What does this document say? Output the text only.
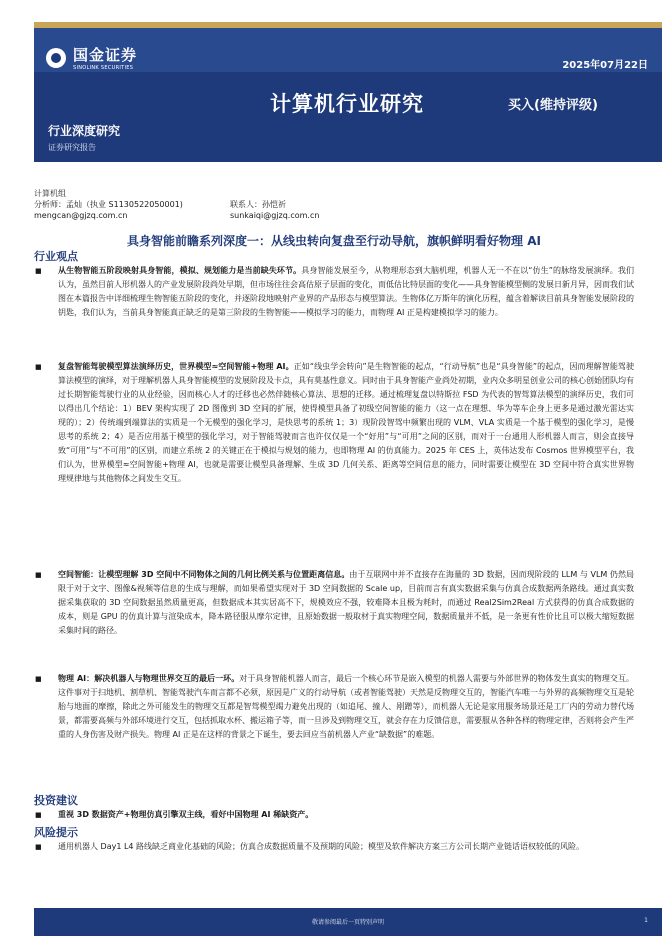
国金证券
SINOLINK SECURITIES	2025年07月22日
计算机行业研究	买入(维持评级)
行业深度研究
证券研究报告
计算机组
分析师：孟灿（执业 S1130522050001)	联系人：孙恺祈
mengcan@gjzq.com.cn	sunkaiqi@gjzq.com.cn
具身智能前瞻系列深度一：从线虫转向复盘至行动导航，旗帜鲜明看好物理 AI
行业观点
■	从生物智能五阶段映射具身智能，模拟、规划能力是当前缺失环节。具身智能发展至今，从物理形态到大脑机理，机器人无一不在以“仿生”的脉络发展演绎。我们认为，虽然目前人形机器人的产业发展阶段尚处早期，但市场往往会高估原子层面的变化，而低估比特层面的变化——具身智能模型侧的发展日新月异，因而我们试图在本篇报告中详细梳理生物智能五阶段的变化，并逐阶段地映射产业界的产品形态与模型算法。生物体亿万斯年的演化历程，蕴含着解读目前具身智能发展阶段的钥匙，我们认为，当前具身智能真正缺乏的是第三阶段的生物智能——模拟学习的能力，而物理 AI 正是构建模拟学习的能力。
■	复盘智能驾驶模型算法演绎历史，世界模型≈空间智能+物理 AI。正如“线虫学会转向”是生物智能的起点，“行动导航”也是“具身智能”的起点，因而理解智能驾驶算法模型的演绎，对于理解机器人具身智能模型的发展阶段及卡点，具有莫基性意义。同时由于具身智能产业尚处初期，业内众多明星创业公司的核心创始团队均有过长期智能驾驶行业的从业经验，因而核心人才的迁移也必然伴随核心算法、思想的迁移。通过梳理复盘以特斯拉 FSD 为代表的智驾算法模型的演绎历史，我们可以得出几个结论：1）BEV 架构实现了 2D 图像到 3D 空间的扩展，使得模型具备了初级空间智能的能力（这一点在理想、华为等车企身上更多是通过激光雷达实现的）；2）传统端到端算法的实质是一个无模型的强化学习，是快思考的系统 1；3）现阶段智驾中频繁出现的 VLM、VLA 实质是一个基于模型的强化学习，是慢思考的系统 2；4）是否应用基于模型的强化学习，对于智能驾驶而言也许仅仅是一个“好用”与“可用”之间的区别，而对于一台通用人形机器人而言，则会直接导致“可用”与“不可用”的区别，而建立系统 2 的关键正在于模拟与规划的能力，也即物理 AI 的仿真能力。2025 年 CES 上，英伟达发布 Cosmos 世界模型平台，我们认为，世界模型≈空间智能+物理 AI，也就是需要让模型具备理解、生成 3D 几何关系、距离等空间信息的能力，同时需要让模型在 3D 空间中符合真实世界物理规律地与其他物体之间发生交互。
■	空间智能：让模型理解 3D 空间中不同物体之间的几何比例关系与位置距离信息。由于互联网中并不直接存在海量的 3D 数据，因而现阶段的 LLM 与 VLM 仍然局限于对于文字、图像&视频等信息的生成与理解，而如果希望实现对于 3D 空间数据的 Scale up，目前而言有真实数据采集与仿真合成数据两条路线。通过真实数据采集获取的 3D 空间数据虽然质量更高，但数据成本其实居高不下，规模效应不强，较难降本且极为耗时，而通过 Real2Sim2Real 方式获得的仿真合成数据的成本，则是 GPU 的仿真计算与渲染成本，降本路径服从摩尔定律，且原始数据一般取材于真实物理空间，数据质量并不低，是一条更有性价比且可以极大缩短数据采集时间的路径。
■	物理 AI：解决机器人与物理世界交互的最后一环。对于具身智能机器人而言，最后一个核心环节是嵌入模型的机器人需要与外部世界的物体发生真实的物理交互。这件事对于扫地机、割草机、智能驾驶汽车而言都不必须，原因是广义的行动导航（或者智能驾驶）天然是反物理交互的，智能汽车唯一与外界的高频物理交互是轮胎与地面的摩擦，除此之外可能发生的物理交互都是智驾模型竭力避免出现的（如追尾、撞人、剐蹭等），而机器人无论是家用服务场景还是工厂内的劳动力替代场景，都需要高频与外部环境进行交互，包括抓取水杯、搬运箱子等，而一旦涉及到物理交互，就会存在力反馈信息，需要服从各种各样的物理定律，否则将会产生严重的人身伤害及财产损失。物理 AI 正是在这样的背景之下诞生，要去回应当前机器人产业“缺数据”的难题。
投资建议
■	重视 3D 数据资产+物理仿真引擎双主线，看好中国物理 AI 稀缺资产。
风险提示
■	通用机器人 Day1 L4 路线缺乏商业化基础的风险；仿真合成数据质量不及预期的风险；模型及软件解决方案三方公司长期产业链话语权较低的风险。
敬请参阅最后一页特别声明	1
